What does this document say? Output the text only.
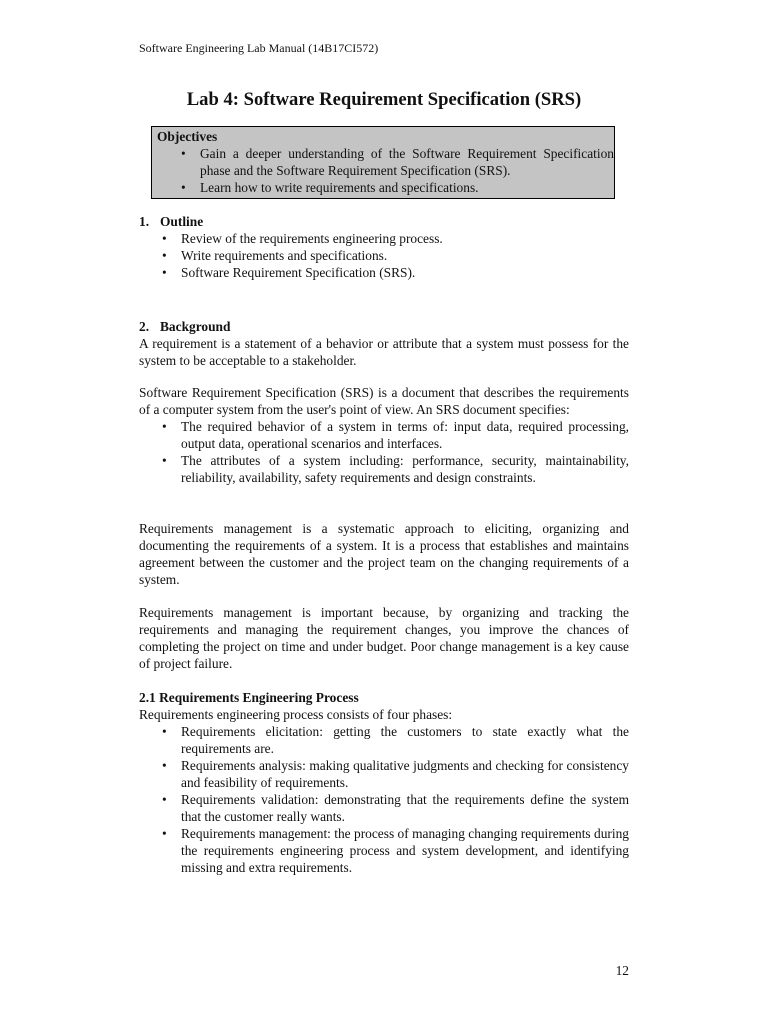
Software Engineering Lab Manual (14B17CI572)
Lab 4: Software Requirement Specification (SRS)
Objectives
• Gain a deeper understanding of the Software Requirement Specification phase and the Software Requirement Specification (SRS).
• Learn how to write requirements and specifications.
1. Outline
• Review of the requirements engineering process.
• Write requirements and specifications.
• Software Requirement Specification (SRS).
2. Background

A requirement is a statement of a behavior or attribute that a system must possess for the system to be acceptable to a stakeholder.

Software Requirement Specification (SRS) is a document that describes the requirements of a computer system from the user's point of view. An SRS document specifies:

• The required behavior of a system in terms of: input data, required processing, output data, operational scenarios and interfaces.
• The attributes of a system including: performance, security, maintainability, reliability, availability, safety requirements and design constraints.

Requirements management is a systematic approach to eliciting, organizing and documenting the requirements of a system. It is a process that establishes and maintains agreement between the customer and the project team on the changing requirements of a system.

Requirements management is important because, by organizing and tracking the requirements and managing the requirement changes, you improve the chances of completing the project on time and under budget. Poor change management is a key cause of project failure.

2.1 Requirements Engineering Process

Requirements engineering process consists of four phases:

• Requirements elicitation: getting the customers to state exactly what the requirements are.
• Requirements analysis: making qualitative judgments and checking for consistency and feasibility of requirements.
• Requirements validation: demonstrating that the requirements define the system that the customer really wants.
• Requirements management: the process of managing changing requirements during the requirements engineering process and system development, and identifying missing and extra requirements.
12
